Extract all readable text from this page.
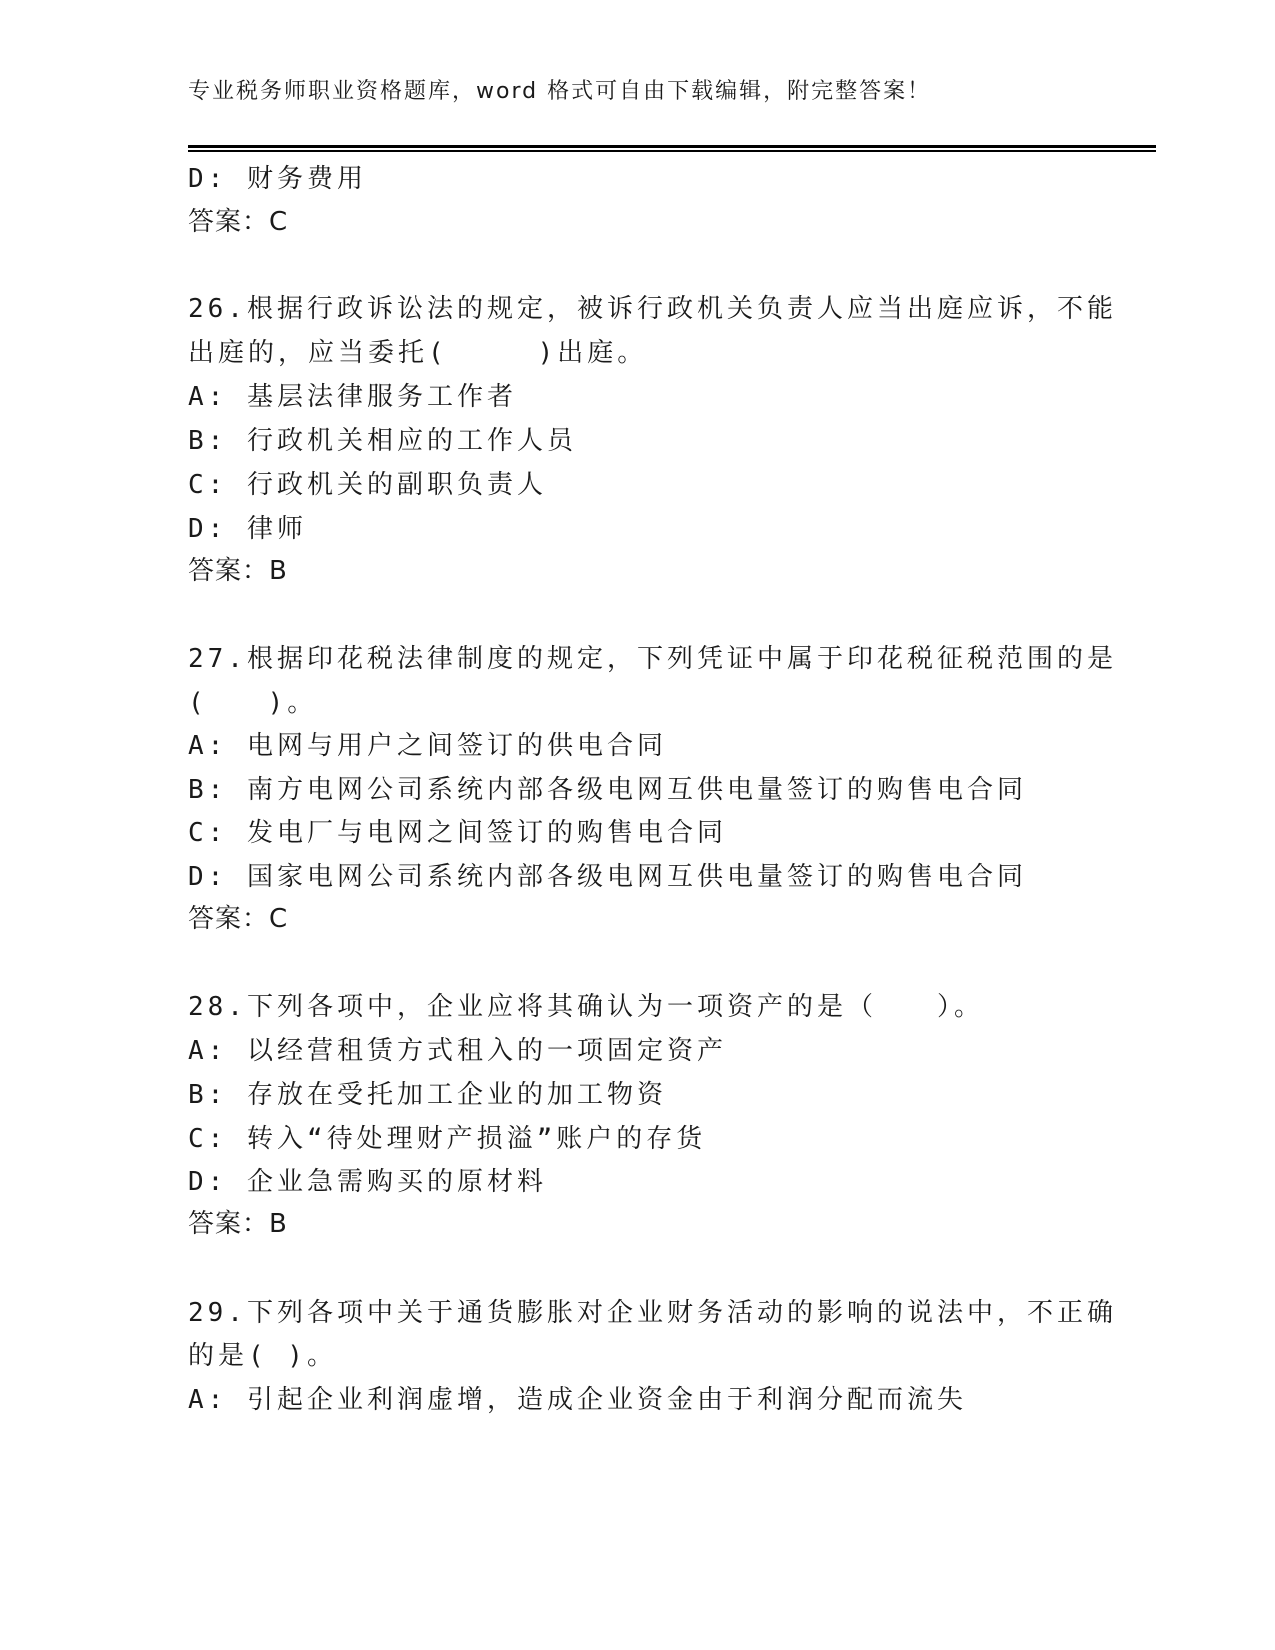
专业税务师职业资格题库，word 格式可自由下载编辑，附完整答案！
D: 财务费用
答案：C
26.根据行政诉讼法的规定，被诉行政机关负责人应当出庭应诉，不能
出庭的，应当委托(　　　)出庭。
A: 基层法律服务工作者
B: 行政机关相应的工作人员
C: 行政机关的副职负责人
D: 律师
答案：B
27.根据印花税法律制度的规定，下列凭证中属于印花税征税范围的是
(　　)。
A: 电网与用户之间签订的供电合同
B: 南方电网公司系统内部各级电网互供电量签订的购售电合同
C: 发电厂与电网之间签订的购售电合同
D: 国家电网公司系统内部各级电网互供电量签订的购售电合同
答案：C
28.下列各项中，企业应将其确认为一项资产的是（　　）。
A: 以经营租赁方式租入的一项固定资产
B: 存放在受托加工企业的加工物资
C: 转入“待处理财产损溢”账户的存货
D: 企业急需购买的原材料
答案：B
29.下列各项中关于通货膨胀对企业财务活动的影响的说法中，不正确
的是( )。
A: 引起企业利润虚增，造成企业资金由于利润分配而流失
